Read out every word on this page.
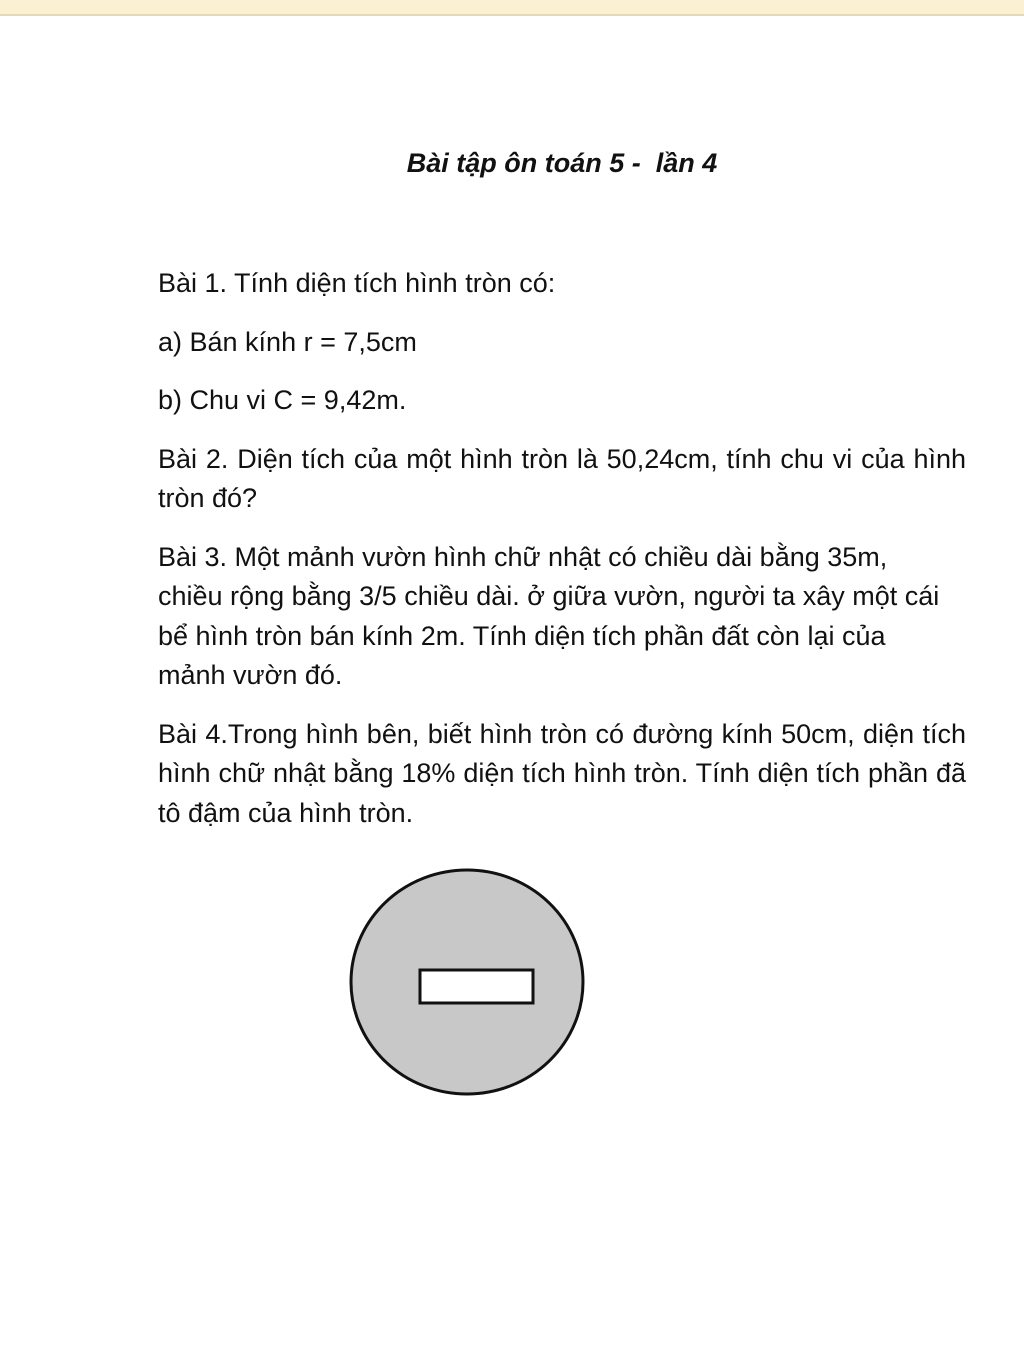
Bài tập ôn toán 5 -  lần 4

Bài 1. Tính diện tích hình tròn có:

a) Bán kính r = 7,5cm

b) Chu vi C = 9,42m.

Bài 2. Diện tích của một hình tròn là 50,24cm, tính chu vi của hình tròn đó?

Bài 3. Một mảnh vườn hình chữ nhật có chiều dài bằng 35m, chiều rộng bằng 3/5 chiều dài. ở giữa vườn, người ta xây một cái bể hình tròn bán kính 2m. Tính diện tích phần đất còn lại của mảnh vườn đó.

Bài 4.Trong hình bên, biết hình tròn có đường kính 50cm, diện tích hình chữ nhật bằng 18% diện tích hình tròn. Tính diện tích phần đã tô đậm của hình tròn.
